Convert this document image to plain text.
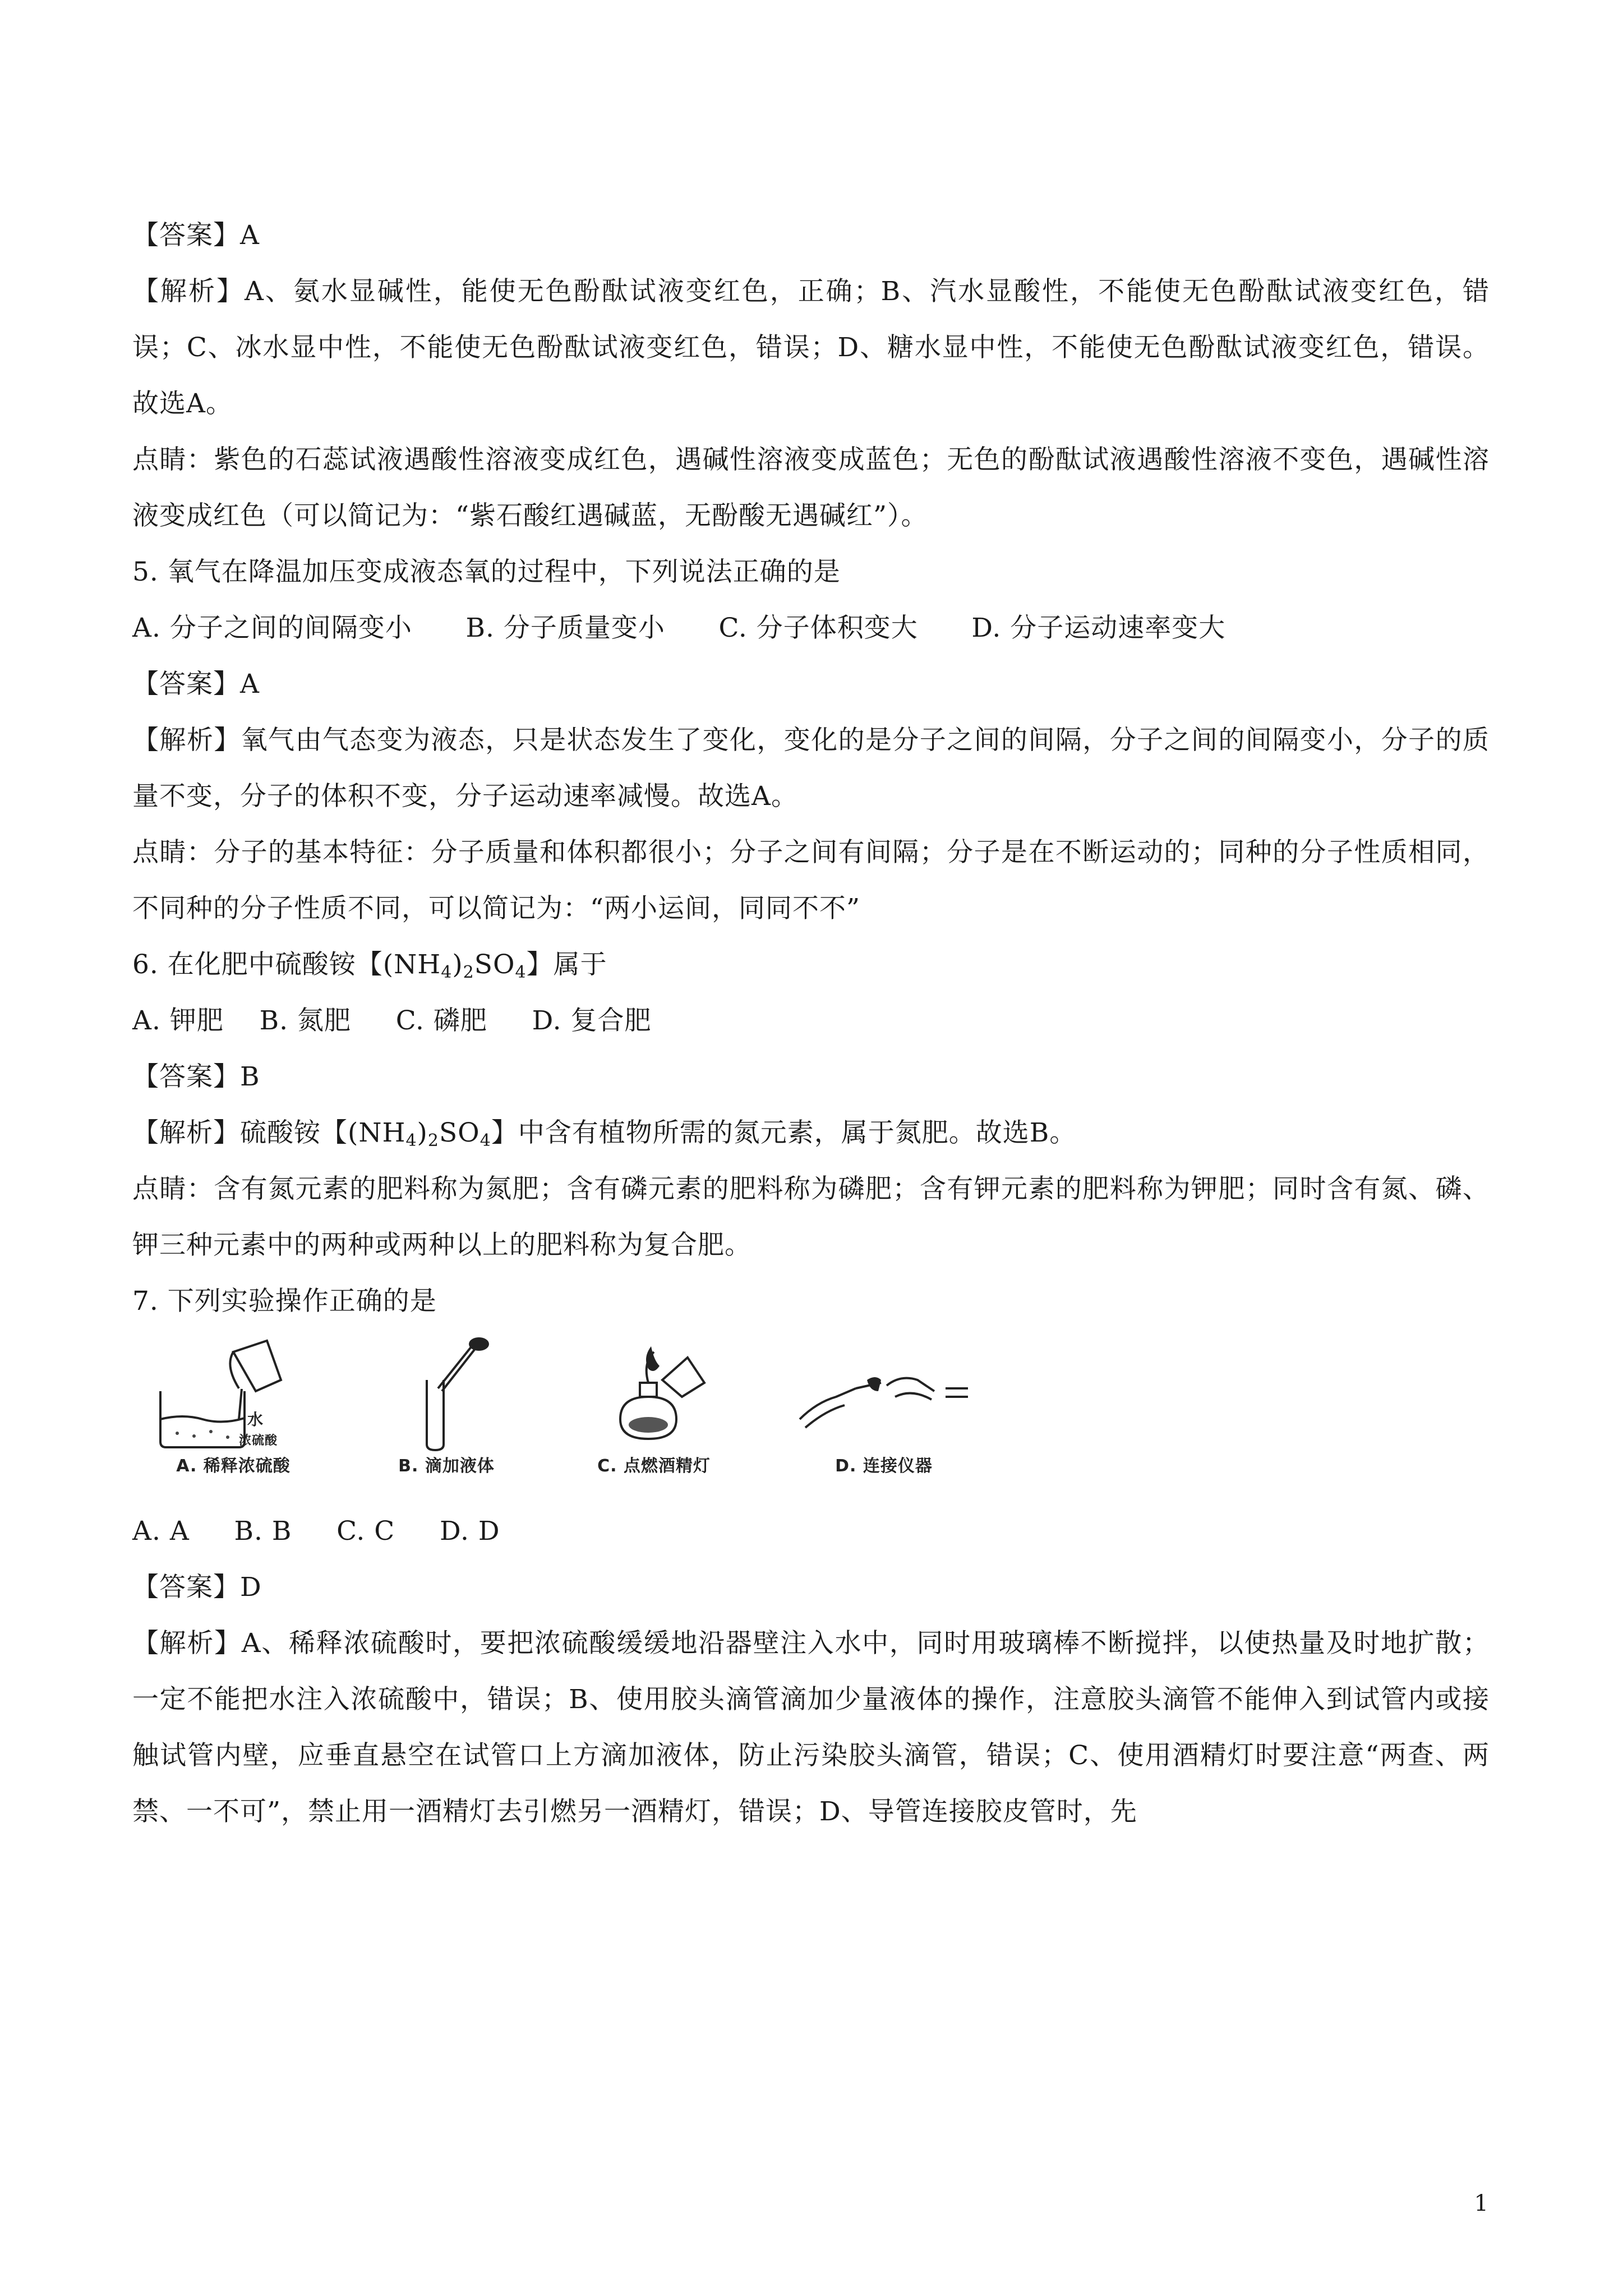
【答案】A

【解析】A、氨水显碱性，能使无色酚酞试液变红色，正确；B、汽水显酸性，不能使无色酚酞试液变红色，错误；C、冰水显中性，不能使无色酚酞试液变红色，错误；D、糖水显中性，不能使无色酚酞试液变红色，错误。故选A。

点睛：紫色的石蕊试液遇酸性溶液变成红色，遇碱性溶液变成蓝色；无色的酚酞试液遇酸性溶液不变色，遇碱性溶液变成红色（可以简记为：“紫石酸红遇碱蓝，无酚酸无遇碱红”）。

5. 氧气在降温加压变成液态氧的过程中，下列说法正确的是

A. 分子之间的间隔变小 B. 分子质量变小 C. 分子体积变大 D. 分子运动速率变大

【答案】A

【解析】氧气由气态变为液态，只是状态发生了变化，变化的是分子之间的间隔，分子之间的间隔变小，分子的质量不变，分子的体积不变，分子运动速率减慢。故选A。

点睛：分子的基本特征：分子质量和体积都很小；分子之间有间隔；分子是在不断运动的；同种的分子性质相同，不同种的分子性质不同，可以简记为：“两小运间，同同不不”

6. 在化肥中硫酸铵【$(NH_4)_2SO_4$】属于

A. 钾肥 B. 氮肥 C. 磷肥 D. 复合肥

【答案】B

【解析】硫酸铵【$(NH_4)_2SO_4$】中含有植物所需的氮元素，属于氮肥。故选B。

点睛：含有氮元素的肥料称为氮肥；含有磷元素的肥料称为磷肥；含有钾元素的肥料称为钾肥；同时含有氮、磷、钾三种元素中的两种或两种以上的肥料称为复合肥。

7. 下列实验操作正确的是

水
浓硫酸
A. 稀释浓硫酸	B. 滴加液体	C. 点燃酒精灯	D. 连接仪器

A. A B. B C. C D. D

【答案】D

【解析】A、稀释浓硫酸时，要把浓硫酸缓缓地沿器壁注入水中，同时用玻璃棒不断搅拌，以使热量及时地扩散；一定不能把水注入浓硫酸中，错误；B、使用胶头滴管滴加少量液体的操作，注意胶头滴管不能伸入到试管内或接触试管内壁，应垂直悬空在试管口上方滴加液体，防止污染胶头滴管，错误；C、使用酒精灯时要注意“两查、两禁、一不可”，禁止用一酒精灯去引燃另一酒精灯，错误；D、导管连接胶皮管时，先

1
